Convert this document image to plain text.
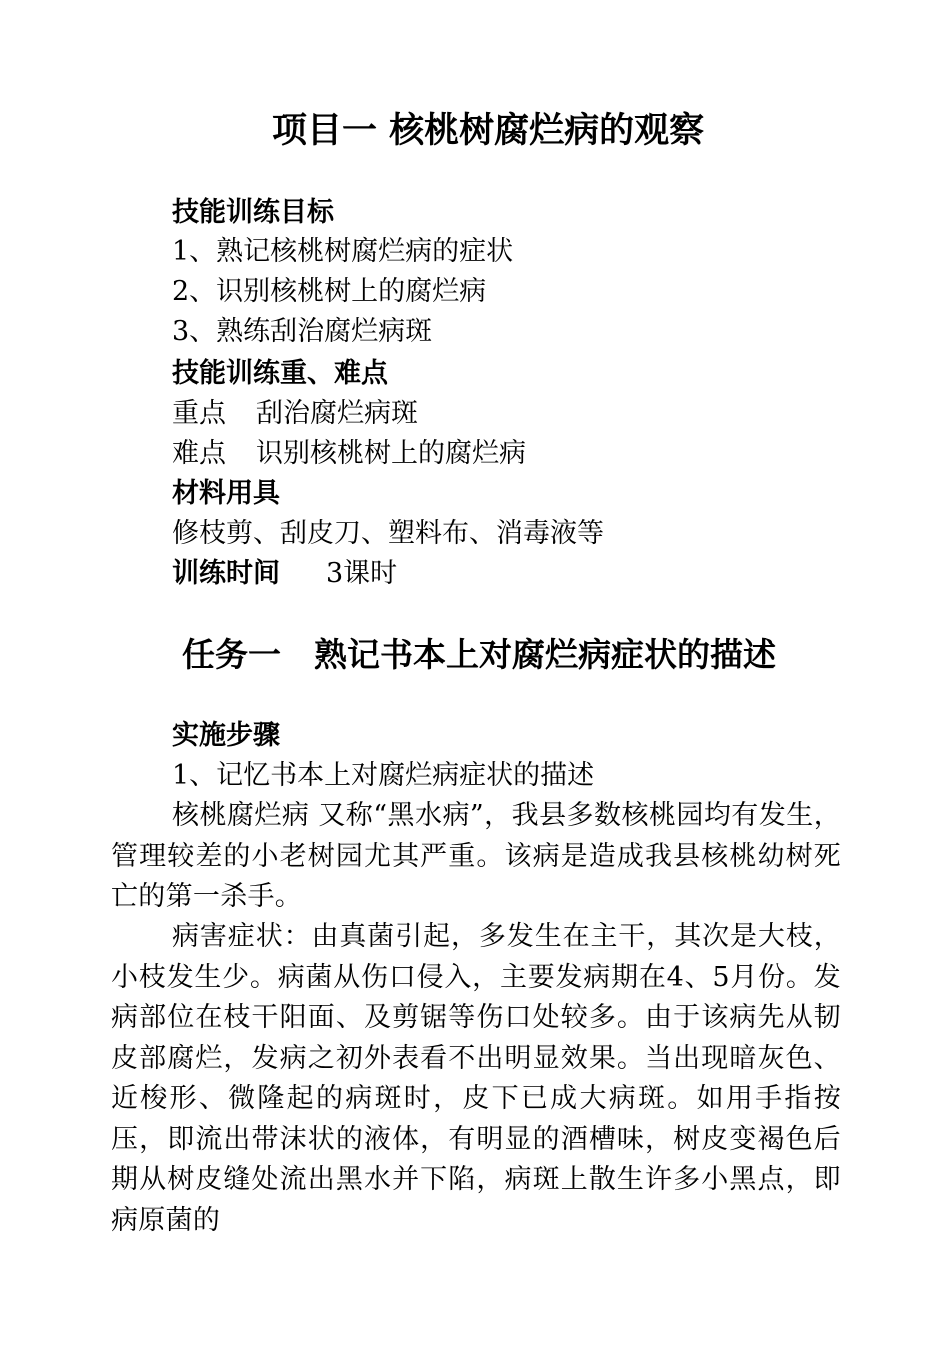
项目一 核桃树腐烂病的观察
技能训练目标
1、熟记核桃树腐烂病的症状
2、识别核桃树上的腐烂病
3、熟练刮治腐烂病斑
技能训练重、难点
重点 刮治腐烂病斑
难点 识别核桃树上的腐烂病
材料用具
修枝剪、刮皮刀、塑料布、消毒液等
训练时间 3课时
任务一　熟记书本上对腐烂病症状的描述
实施步骤
1、记忆书本上对腐烂病症状的描述
核桃腐烂病 又称“黑水病”，我县多数核桃园均有发生，管理较差的小老树园尤其严重。该病是造成我县核桃幼树死亡的第一杀手。
病害症状：由真菌引起，多发生在主干，其次是大枝，小枝发生少。病菌从伤口侵入，主要发病期在4、5月份。发病部位在枝干阳面、及剪锯等伤口处较多。由于该病先从韧皮部腐烂，发病之初外表看不出明显效果。当出现暗灰色、近梭形、微隆起的病斑时，皮下已成大病斑。如用手指按压，即流出带沫状的液体，有明显的酒槽味，树皮变褐色后期从树皮缝处流出黑水并下陷，病斑上散生许多小黑点，即病原菌的
